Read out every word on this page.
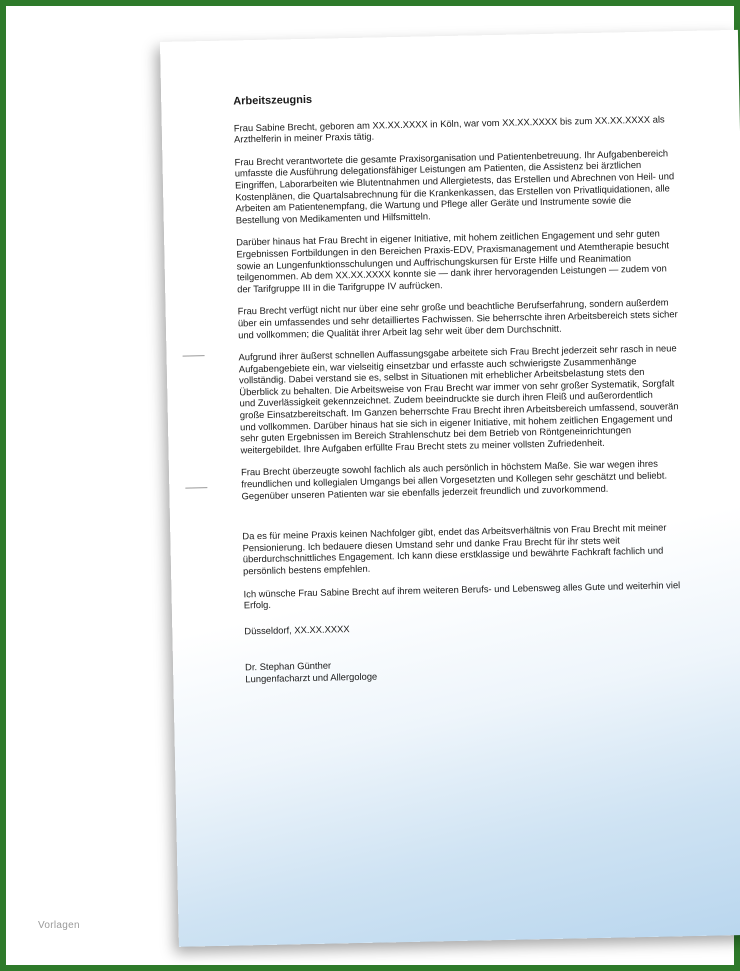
Arbeitszeugnis

Frau Sabine Brecht, geboren am XX.XX.XXXX in Köln, war vom XX.XX.XXXX bis zum XX.XX.XXXX als Arzthelferin in meiner Praxis tätig.

Frau Brecht verantwortete die gesamte Praxisorganisation und Patientenbetreuung. Ihr Aufgabenbereich umfasste die Ausführung delegationsfähiger Leistungen am Patienten, die Assistenz bei ärztlichen Eingriffen, Laborarbeiten wie Blutentnahmen und Allergietests, das Erstellen und Abrechnen von Heil- und Kostenplänen, die Quartalsabrechnung für die Krankenkassen, das Erstellen von Privatliquidationen, alle Arbeiten am Patientenempfang, die Wartung und Pflege aller Geräte und Instrumente sowie die Bestellung von Medikamenten und Hilfsmitteln.

Darüber hinaus hat Frau Brecht in eigener Initiative, mit hohem zeitlichen Engagement und sehr guten Ergebnissen Fortbildungen in den Bereichen Praxis-EDV, Praxismanagement und Atemtherapie besucht sowie an Lungenfunktionsschulungen und Auffrischungskursen für Erste Hilfe und Reanimation teilgenommen. Ab dem XX.XX.XXXX konnte sie — dank ihrer hervoragenden Leistungen — zudem von der Tarifgruppe III in die Tarifgruppe IV aufrücken.

Frau Brecht verfügt nicht nur über eine sehr große und beachtliche Berufserfahrung, sondern außerdem über ein umfassendes und sehr detailliertes Fachwissen. Sie beherrschte ihren Arbeitsbereich stets sicher und vollkommen; die Qualität ihrer Arbeit lag sehr weit über dem Durchschnitt.

Aufgrund ihrer äußerst schnellen Auffassungsgabe arbeitete sich Frau Brecht jederzeit sehr rasch in neue Aufgabengebiete ein, war vielseitig einsetzbar und erfasste auch schwierigste Zusammenhänge vollständig. Dabei verstand sie es, selbst in Situationen mit erheblicher Arbeitsbelastung stets den Überblick zu behalten. Die Arbeitsweise von Frau Brecht war immer von sehr großer Systematik, Sorgfalt und Zuverlässigkeit gekennzeichnet. Zudem beeindruckte sie durch ihren Fleiß und außerordentlich große Einsatzbereitschaft. Im Ganzen beherrschte Frau Brecht ihren Arbeitsbereich umfassend, souverän und vollkommen. Darüber hinaus hat sie sich in eigener Initiative, mit hohem zeitlichen Engagement und sehr guten Ergebnissen im Bereich Strahlenschutz bei dem Betrieb von Röntgeneinrichtungen weitergebildet. Ihre Aufgaben erfüllte Frau Brecht stets zu meiner vollsten Zufriedenheit.

Frau Brecht überzeugte sowohl fachlich als auch persönlich in höchstem Maße. Sie war wegen ihres freundlichen und kollegialen Umgangs bei allen Vorgesetzten und Kollegen sehr geschätzt und beliebt. Gegenüber unseren Patienten war sie ebenfalls jederzeit freundlich und zuvorkommend.

Da es für meine Praxis keinen Nachfolger gibt, endet das Arbeitsverhältnis von Frau Brecht mit meiner Pensionierung. Ich bedauere diesen Umstand sehr und danke Frau Brecht für ihr stets weit überdurchschnittliches Engagement. Ich kann diese erstklassige und bewährte Fachkraft fachlich und persönlich bestens empfehlen.

Ich wünsche Frau Sabine Brecht auf ihrem weiteren Berufs- und Lebensweg alles Gute und weiterhin viel Erfolg.

Düsseldorf, XX.XX.XXXX

Dr. Stephan Günther
Lungenfacharzt und Allergologe
Vorlagen
